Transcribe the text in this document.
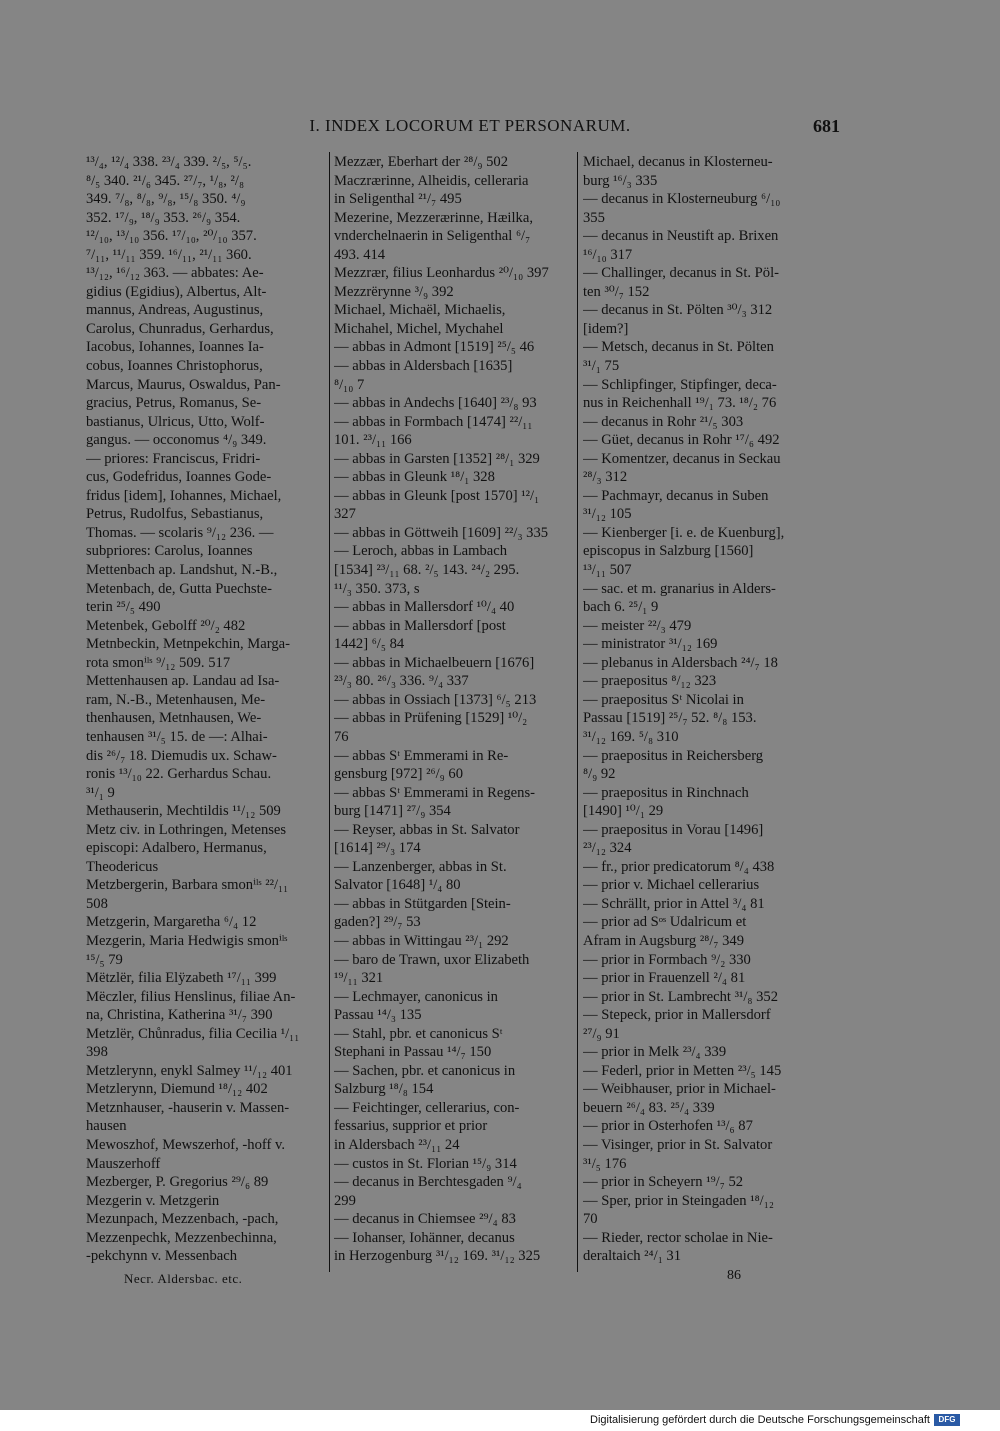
I. INDEX LOCORUM ET PERSONARUM.	681
¹³/₄, ¹²/₄ 338. ²³/₄ 339. ²/₅, ⁵/₅.
⁸/₅ 340. ²¹/₆ 345. ²⁷/₇, ¹/₈, ²/₈
349. ⁷/₈, ⁸/₈, ⁹/₈, ¹⁵/₈ 350. ⁴/₉
352. ¹⁷/₉, ¹⁸/₉ 353. ²⁶/₉ 354.
¹²/₁₀, ¹³/₁₀ 356. ¹⁷/₁₀, ²⁰/₁₀ 357.
⁷/₁₁, ¹¹/₁₁ 359. ¹⁶/₁₁, ²¹/₁₁ 360.
¹³/₁₂, ¹⁶/₁₂ 363. — abbates: Ae-
gidius (Egidius), Albertus, Alt-
mannus, Andreas, Augustinus,
Carolus, Chunradus, Gerhardus,
Iacobus, Iohannes, Ioannes Ia-
cobus, Ioannes Christophorus,
Marcus, Maurus, Oswaldus, Pan-
gracius, Petrus, Romanus, Se-
bastianus, Ulricus, Utto, Wolf-
gangus. — occonomus ⁴/₉ 349.
— priores: Franciscus, Fridri-
cus, Godefridus, Ioannes Gode-
fridus [idem], Iohannes, Michael,
Petrus, Rudolfus, Sebastianus,
Thomas. — scolaris ⁹/₁₂ 236. —
subpriores: Carolus, Ioannes
Mettenbach ap. Landshut, N.-B.,
Metenbach, de, Gutta Puechste-
terin ²⁵/₅ 490
Metenbek, Gebolff ²⁰/₂ 482
Metnbeckin, Metnpekchin, Marga-
rota smonⁱˡˢ ⁹/₁₂ 509. 517
Mettenhausen ap. Landau ad Isa-
ram, N.-B., Metenhausen, Me-
thenhausen, Metnhausen, We-
tenhausen ³¹/₅ 15. de —: Alhai-
dis ²⁶/₇ 18. Diemudis ux. Schaw-
ronis ¹³/₁₀ 22. Gerhardus Schau.
³¹/₁ 9
Methauserin, Mechtildis ¹¹/₁₂ 509
Metz civ. in Lothringen, Metenses
episcopi: Adalbero, Hermanus,
Theodericus
Metzbergerin, Barbara smonⁱˡˢ ²²/₁₁
508
Metzgerin, Margaretha ⁶/₄ 12
Mezgerin, Maria Hedwigis smonⁱˡˢ
¹⁵/₅ 79
Mëtzlër, filia Elÿzabeth ¹⁷/₁₁ 399
Mëczler, filius Henslinus, filiae An-
na, Christina, Katherina ³¹/₇ 390
Metzlër, Chůnradus, filia Cecilia ¹/₁₁
398
Metzlerynn, enykl Salmey ¹¹/₁₂ 401
Metzlerynn, Diemund ¹⁸/₁₂ 402
Metznhauser, -hauserin v. Massen-
hausen
Mewoszhof, Mewszerhof, -hoff v.
Mauszerhoff
Mezberger, P. Gregorius ²⁹/₆ 89
Mezgerin v. Metzgerin
Mezunpach, Mezzenbach, -pach,
Mezzenpechk, Mezzenbechinna,
-pekchynn v. Messenbach
Mezzær, Eberhart der ²⁸/₉ 502
Maczrærinne, Alheidis, celleraria
in Seligenthal ²¹/₇ 495
Mezerine, Mezzerærinne, Hæilka,
vnderchelnaerin in Seligenthal ⁶/₇
493. 414
Mezzrær, filius Leonhardus ²⁰/₁₀ 397
Mezzrërynne ³/₉ 392
Michael, Michaël, Michaelis,
Michahel, Michel, Mychahel
— abbas in Admont [1519] ²⁵/₅ 46
— abbas in Aldersbach [1635]
⁸/₁₀ 7
— abbas in Andechs [1640] ²³/₈ 93
— abbas in Formbach [1474] ²²/₁₁
101. ²³/₁₁ 166
— abbas in Garsten [1352] ²⁸/₁ 329
— abbas in Gleunk ¹⁸/₁ 328
— abbas in Gleunk [post 1570] ¹²/₁
327
— abbas in Göttweih [1609] ²²/₃ 335
— Leroch, abbas in Lambach
[1534] ²³/₁₁ 68. ²/₅ 143. ²⁴/₂ 295.
¹¹/₃ 350. 373, s
— abbas in Mallersdorf ¹⁰/₄ 40
— abbas in Mallersdorf [post
1442] ⁶/₅ 84
— abbas in Michaelbeuern [1676]
²³/₃ 80. ²⁶/₃ 336. ⁹/₄ 337
— abbas in Ossiach [1373] ⁶/₅ 213
— abbas in Prüfening [1529] ¹⁰/₂
76
— abbas Sᵗ Emmerami in Re-
gensburg [972] ²⁶/₉ 60
— abbas Sᵗ Emmerami in Regens-
burg [1471] ²⁷/₉ 354
— Reyser, abbas in St. Salvator
[1614] ²⁹/₃ 174
— Lanzenberger, abbas in St.
Salvator [1648] ¹/₄ 80
— abbas in Stütgarden [Stein-
gaden?] ²⁹/₇ 53
— abbas in Wittingau ²³/₁ 292
— baro de Trawn, uxor Elizabeth
¹⁹/₁₁ 321
— Lechmayer, canonicus in
Passau ¹⁴/₃ 135
— Stahl, pbr. et canonicus Sᵗ
Stephani in Passau ¹⁴/₇ 150
— Sachen, pbr. et canonicus in
Salzburg ¹⁸/₈ 154
— Feichtinger, cellerarius, con-
fessarius, supprior et prior
in Aldersbach ²³/₁₁ 24
— custos in St. Florian ¹⁵/₉ 314
— decanus in Berchtesgaden ⁹/₄
299
— decanus in Chiemsee ²⁹/₄ 83
— Iohanser, Iohänner, decanus
in Herzogenburg ³¹/₁₂ 169. ³¹/₁₂ 325
Michael, decanus in Klosterneu-
burg ¹⁶/₃ 335
— decanus in Klosterneuburg ⁶/₁₀
355
— decanus in Neustift ap. Brixen
¹⁶/₁₀ 317
— Challinger, decanus in St. Pöl-
ten ³⁰/₇ 152
— decanus in St. Pölten ³⁰/₃ 312
[idem?]
— Metsch, decanus in St. Pölten
³¹/₁ 75
— Schlipfinger, Stipfinger, deca-
nus in Reichenhall ¹⁹/₁ 73. ¹⁸/₂ 76
— decanus in Rohr ²¹/₅ 303
— Güet, decanus in Rohr ¹⁷/₆ 492
— Komentzer, decanus in Seckau
²⁸/₃ 312
— Pachmayr, decanus in Suben
³¹/₁₂ 105
— Kienberger [i. e. de Kuenburg],
episcopus in Salzburg [1560]
¹³/₁₁ 507
— sac. et m. granarius in Alders-
bach 6. ²⁵/₁ 9
— meister ²²/₃ 479
— ministrator ³¹/₁₂ 169
— plebanus in Aldersbach ²⁴/₇ 18
— praepositus ⁸/₁₂ 323
— praepositus Sᵗ Nicolai in
Passau [1519] ²⁵/₇ 52. ⁸/₈ 153.
³¹/₁₂ 169. ⁵/₈ 310
— praepositus in Reichersberg
⁸/₉ 92
— praepositus in Rinchnach
[1490] ¹⁰/₁ 29
— praepositus in Vorau [1496]
²³/₁₂ 324
— fr., prior predicatorum ⁸/₄ 438
— prior v. Michael cellerarius
— Schrällt, prior in Attel ³/₄ 81
— prior ad Sᵒˢ Udalricum et
Afram in Augsburg ²⁸/₇ 349
— prior in Formbach ⁹/₂ 330
— prior in Frauenzell ²/₄ 81
— prior in St. Lambrecht ³¹/₈ 352
— Stepeck, prior in Mallersdorf
²⁷/₉ 91
— prior in Melk ²³/₄ 339
— Federl, prior in Metten ²³/₅ 145
— Weibhauser, prior in Michael-
beuern ²⁶/₄ 83. ²⁵/₄ 339
— prior in Osterhofen ¹³/₆ 87
— Visinger, prior in St. Salvator
³¹/₅ 176
— prior in Scheyern ¹⁹/₇ 52
— Sper, prior in Steingaden ¹⁸/₁₂
70
— Rieder, rector scholae in Nie-
deraltaich ²⁴/₁ 31
Necr. Aldersbac. etc.	86
Digitalisierung gefördert durch die Deutsche Forschungsgemeinschaft	DFG
